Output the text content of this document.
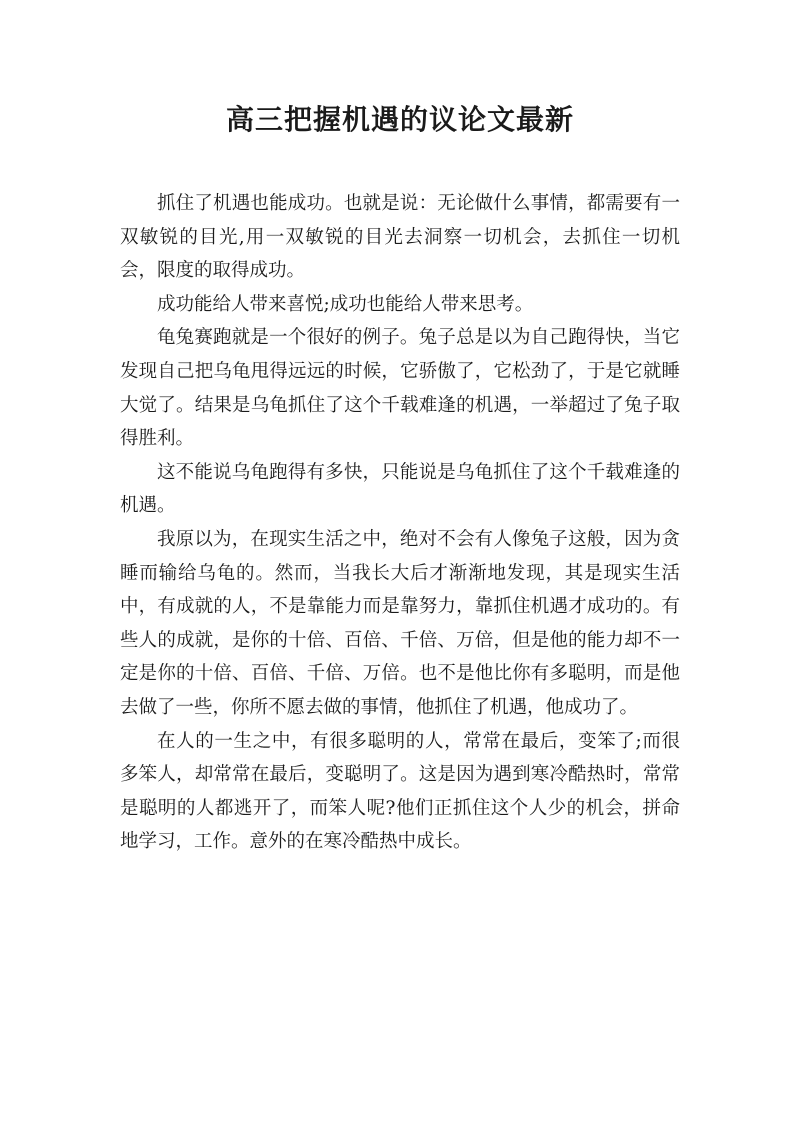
高三把握机遇的议论文最新

抓住了机遇也能成功。也就是说：无论做什么事情，都需要有一双敏锐的目光,用一双敏锐的目光去洞察一切机会，去抓住一切机会，限度的取得成功。

成功能给人带来喜悦;成功也能给人带来思考。

龟兔赛跑就是一个很好的例子。兔子总是以为自己跑得快，当它发现自己把乌龟甩得远远的时候，它骄傲了，它松劲了，于是它就睡大觉了。结果是乌龟抓住了这个千载难逢的机遇，一举超过了兔子取得胜利。

这不能说乌龟跑得有多快，只能说是乌龟抓住了这个千载难逢的机遇。

我原以为，在现实生活之中，绝对不会有人像兔子这般，因为贪睡而输给乌龟的。然而，当我长大后才渐渐地发现，其是现实生活中，有成就的人，不是靠能力而是靠努力，靠抓住机遇才成功的。有些人的成就，是你的十倍、百倍、千倍、万倍，但是他的能力却不一定是你的十倍、百倍、千倍、万倍。也不是他比你有多聪明，而是他去做了一些，你所不愿去做的事情，他抓住了机遇，他成功了。

在人的一生之中，有很多聪明的人，常常在最后，变笨了;而很多笨人，却常常在最后，变聪明了。这是因为遇到寒冷酷热时，常常是聪明的人都逃开了，而笨人呢?他们正抓住这个人少的机会，拼命地学习，工作。意外的在寒冷酷热中成长。
